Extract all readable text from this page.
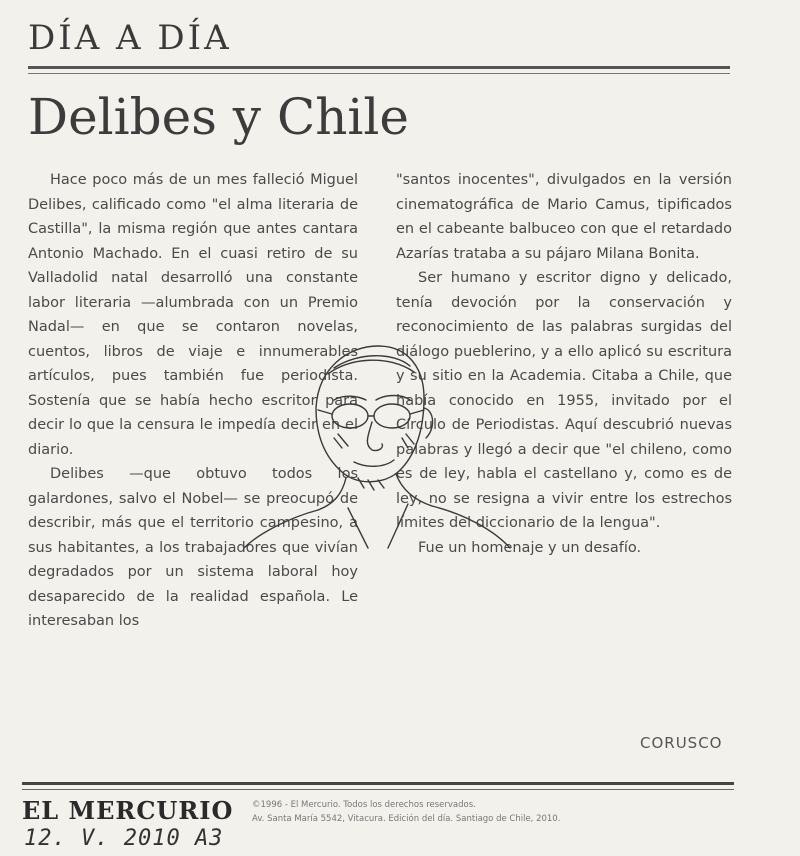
DÍA A DÍA
Delibes y Chile

Hace poco más de un mes falleció Miguel Delibes, calificado como "el alma literaria de Castilla", la misma región que antes cantara Antonio Machado. En el cuasi retiro de su Valladolid natal desarrolló una constante labor literaria —alumbrada con un Premio Nadal— en que se contaron novelas, cuentos, libros de viaje e innumerables artículos, pues también fue periodista. Sostenía que se había hecho escritor para decir lo que la censura le impedía decir en el diario.

Delibes —que obtuvo todos los galardones, salvo el Nobel— se preocupó de describir, más que el territorio campesino, a sus habitantes, a los trabajadores que vivían degradados por un sistema laboral hoy desaparecido de la realidad española. Le interesaban los

"santos inocentes", divulgados en la versión cinematográfica de Mario Camus, tipificados en el cabeante balbuceo con que el retardado Azarías trataba a su pájaro Milana Bonita.

Ser humano y escritor digno y delicado, tenía devoción por la conservación y reconocimiento de las palabras surgidas del diálogo pueblerino, y a ello aplicó su escritura y su sitio en la Academia. Citaba a Chile, que había conocido en 1955, invitado por el Círculo de Periodistas. Aquí descubrió nuevas palabras y llegó a decir que "el chileno, como es de ley, habla el castellano y, como es de ley, no se resigna a vivir entre los estrechos límites del diccionario de la lengua".

Fue un homenaje y un desafío.

CORUSCO
EL MERCURIO ©1996 - El Mercurio. Todos los derechos reservados.
Av. Santa María 5542, Vitacura. Edición del día. Santiago de Chile, 2010.
12. V. 2010 A3
